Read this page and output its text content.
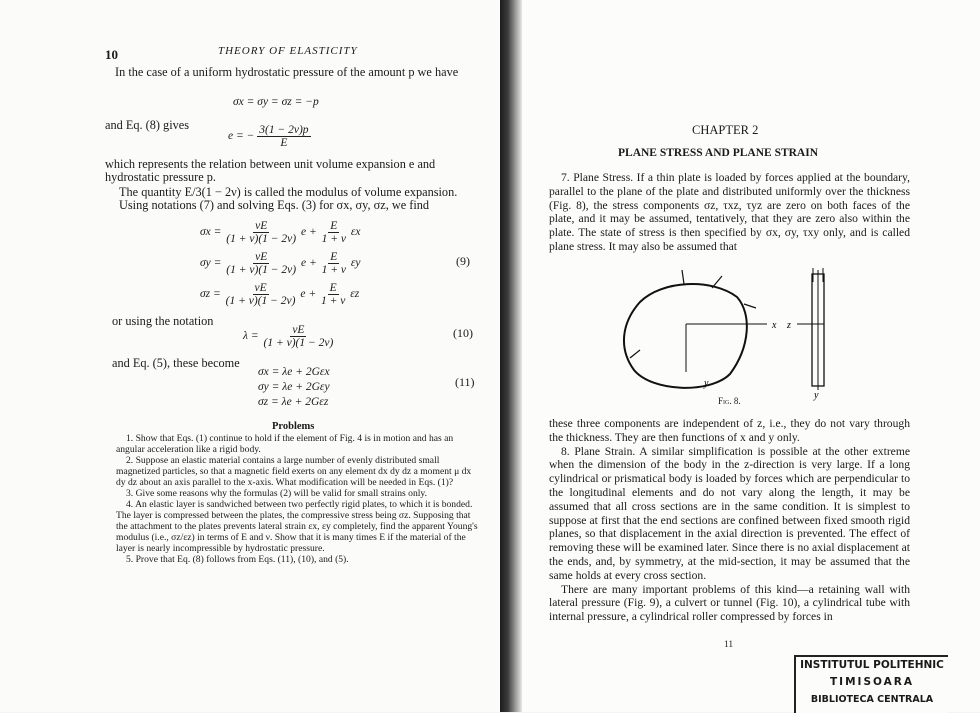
10	THEORY OF ELASTICITY

In the case of a uniform hydrostatic pressure of the amount p we have

σx = σy = σz = −p
and Eq. (8) gives
e = − $\frac{3(1 - 2\nu)p}{E}$

which represents the relation between unit volume expansion e and hydrostatic pressure p.

The quantity E/3(1 − 2ν) is called the modulus of volume expansion.

Using notations (7) and solving Eqs. (3) for σx, σy, σz, we find

$\sigma x = \frac{\nu E}{(1 + \nu)(1 - 2\nu)}$ $e + \frac{E}{1 + \nu}$ εx
$\sigma y = \frac{\nu E}{(1 + \nu)(1 - 2\nu)}$ $e + \frac{E}{1 + \nu}$ εy
$\sigma z = \frac{\nu E}{(1 + \nu)(1 - 2\nu)}$ $e + \frac{E}{1 + \nu}$ εz
(9)
or using the notation
$\lambda = \frac{\nu E}{(1 + \nu)(1 - 2\nu)}$	(10)
and Eq. (5), these become
σx = λe + 2Gεx
σy = λe + 2Gεy
σz = λe + 2Gεz
(11)
Problems

1. Show that Eqs. (1) continue to hold if the element of Fig. 4 is in motion and has an angular acceleration like a rigid body.

2. Suppose an elastic material contains a large number of evenly distributed small magnetized particles, so that a magnetic field exerts on any element dx dy dz a moment μ dx dy dz about an axis parallel to the x-axis. What modification will be needed in Eqs. (1)?

3. Give some reasons why the formulas (2) will be valid for small strains only.

4. An elastic layer is sandwiched between two perfectly rigid plates, to which it is bonded. The layer is compressed between the plates, the compressive stress being σz. Supposing that the attachment to the plates prevents lateral strain εx, εy completely, find the apparent Young's modulus (i.e., σz/εz) in terms of E and ν. Show that it is many times E if the material of the layer is nearly incompressible by hydrostatic pressure.

5. Prove that Eq. (8) follows from Eqs. (11), (10), and (5).

CHAPTER 2
PLANE STRESS AND PLANE STRAIN

7. Plane Stress. If a thin plate is loaded by forces applied at the boundary, parallel to the plane of the plate and distributed uniformly over the thickness (Fig. 8), the stress components σz, τxz, τyz are zero on both faces of the plate, and it may be assumed, tentatively, that they are zero also within the plate. The state of stress is then specified by σx, σy, τxy only, and is called plane stress. It may also be assumed that

x z
y
y
Fig. 8.

these three components are independent of z, i.e., they do not vary through the thickness. They are then functions of x and y only.

8. Plane Strain. A similar simplification is possible at the other extreme when the dimension of the body in the z-direction is very large. If a long cylindrical or prismatical body is loaded by forces which are perpendicular to the longitudinal elements and do not vary along the length, it may be assumed that all cross sections are in the same condition. It is simplest to suppose at first that the end sections are confined between fixed smooth rigid planes, so that displacement in the axial direction is prevented. The effect of removing these will be examined later. Since there is no axial displacement at the ends, and, by symmetry, at the mid-section, it may be assumed that the same holds at every cross section.

There are many important problems of this kind—a retaining wall with lateral pressure (Fig. 9), a culvert or tunnel (Fig. 10), a cylindrical tube with internal pressure, a cylindrical roller compressed by forces in

11
INSTITUTUL POLITEHNIC
TIMISOARA
BIBLIOTECA CENTRALA
